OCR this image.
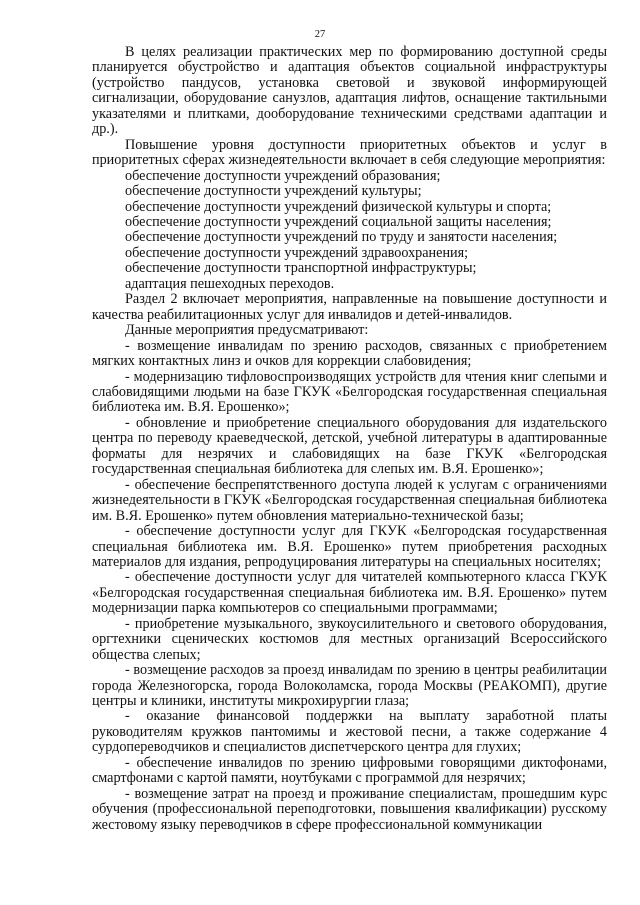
27

В целях реализации практических мер по формированию доступной среды планируется обустройство и адаптация объектов социальной инфраструктуры (устройство пандусов, установка световой и звуковой информирующей сигнализации, оборудование санузлов, адаптация лифтов, оснащение тактильными указателями и плитками, дооборудование техническими средствами адаптации и др.).

Повышение уровня доступности приоритетных объектов и услуг в приоритетных сферах жизнедеятельности включает в себя следующие мероприятия:

обеспечение доступности учреждений образования;

обеспечение доступности учреждений культуры;

обеспечение доступности учреждений физической культуры и спорта;

обеспечение доступности учреждений социальной защиты населения;

обеспечение доступности учреждений по труду и занятости населения;

обеспечение доступности учреждений здравоохранения;

обеспечение доступности транспортной инфраструктуры;

адаптация пешеходных переходов.

Раздел 2 включает мероприятия, направленные на повышение доступности и качества реабилитационных услуг для инвалидов и детей-инвалидов.

Данные мероприятия предусматривают:

- возмещение инвалидам по зрению расходов, связанных с приобретением мягких контактных линз и очков для коррекции слабовидения;

- модернизацию тифловоспроизводящих устройств для чтения книг слепыми и слабовидящими людьми на базе ГКУК «Белгородская государственная специальная библиотека им. В.Я. Ерошенко»;

- обновление и приобретение специального оборудования для издательского центра по переводу краеведческой, детской, учебной литературы в адаптированные форматы для незрячих и слабовидящих на базе ГКУК «Белгородская государственная специальная библиотека для слепых им. В.Я. Ерошенко»;

- обеспечение беспрепятственного доступа людей к услугам с ограничениями жизнедеятельности в ГКУК «Белгородская государственная специальная библиотека им. В.Я. Ерошенко» путем обновления материально-технической базы;

- обеспечение доступности услуг для ГКУК «Белгородская государственная специальная библиотека им. В.Я. Ерошенко» путем приобретения расходных материалов для издания, репродуцирования литературы на специальных носителях;

- обеспечение доступности услуг для читателей компьютерного класса ГКУК «Белгородская государственная специальная библиотека им. В.Я. Ерошенко» путем модернизации парка компьютеров со специальными программами;

- приобретение музыкального, звукоусилительного и светового оборудования, оргтехники сценических костюмов для местных организаций Всероссийского общества слепых;

- возмещение расходов за проезд инвалидам по зрению в центры реабилитации города Железногорска, города Волоколамска, города Москвы (РЕАКОМП), другие центры и клиники, институты микрохирургии глаза;

- оказание финансовой поддержки на выплату заработной платы руководителям кружков пантомимы и жестовой песни, а также содержание 4 сурдопереводчиков и специалистов диспетчерского центра для глухих;

- обеспечение инвалидов по зрению цифровыми говорящими диктофонами, смартфонами с картой памяти, ноутбуками с программой для незрячих;

- возмещение затрат на проезд и проживание специалистам, прошедшим курс обучения (профессиональной переподготовки, повышения квалификации) русскому жестовому языку переводчиков в сфере профессиональной коммуникации
